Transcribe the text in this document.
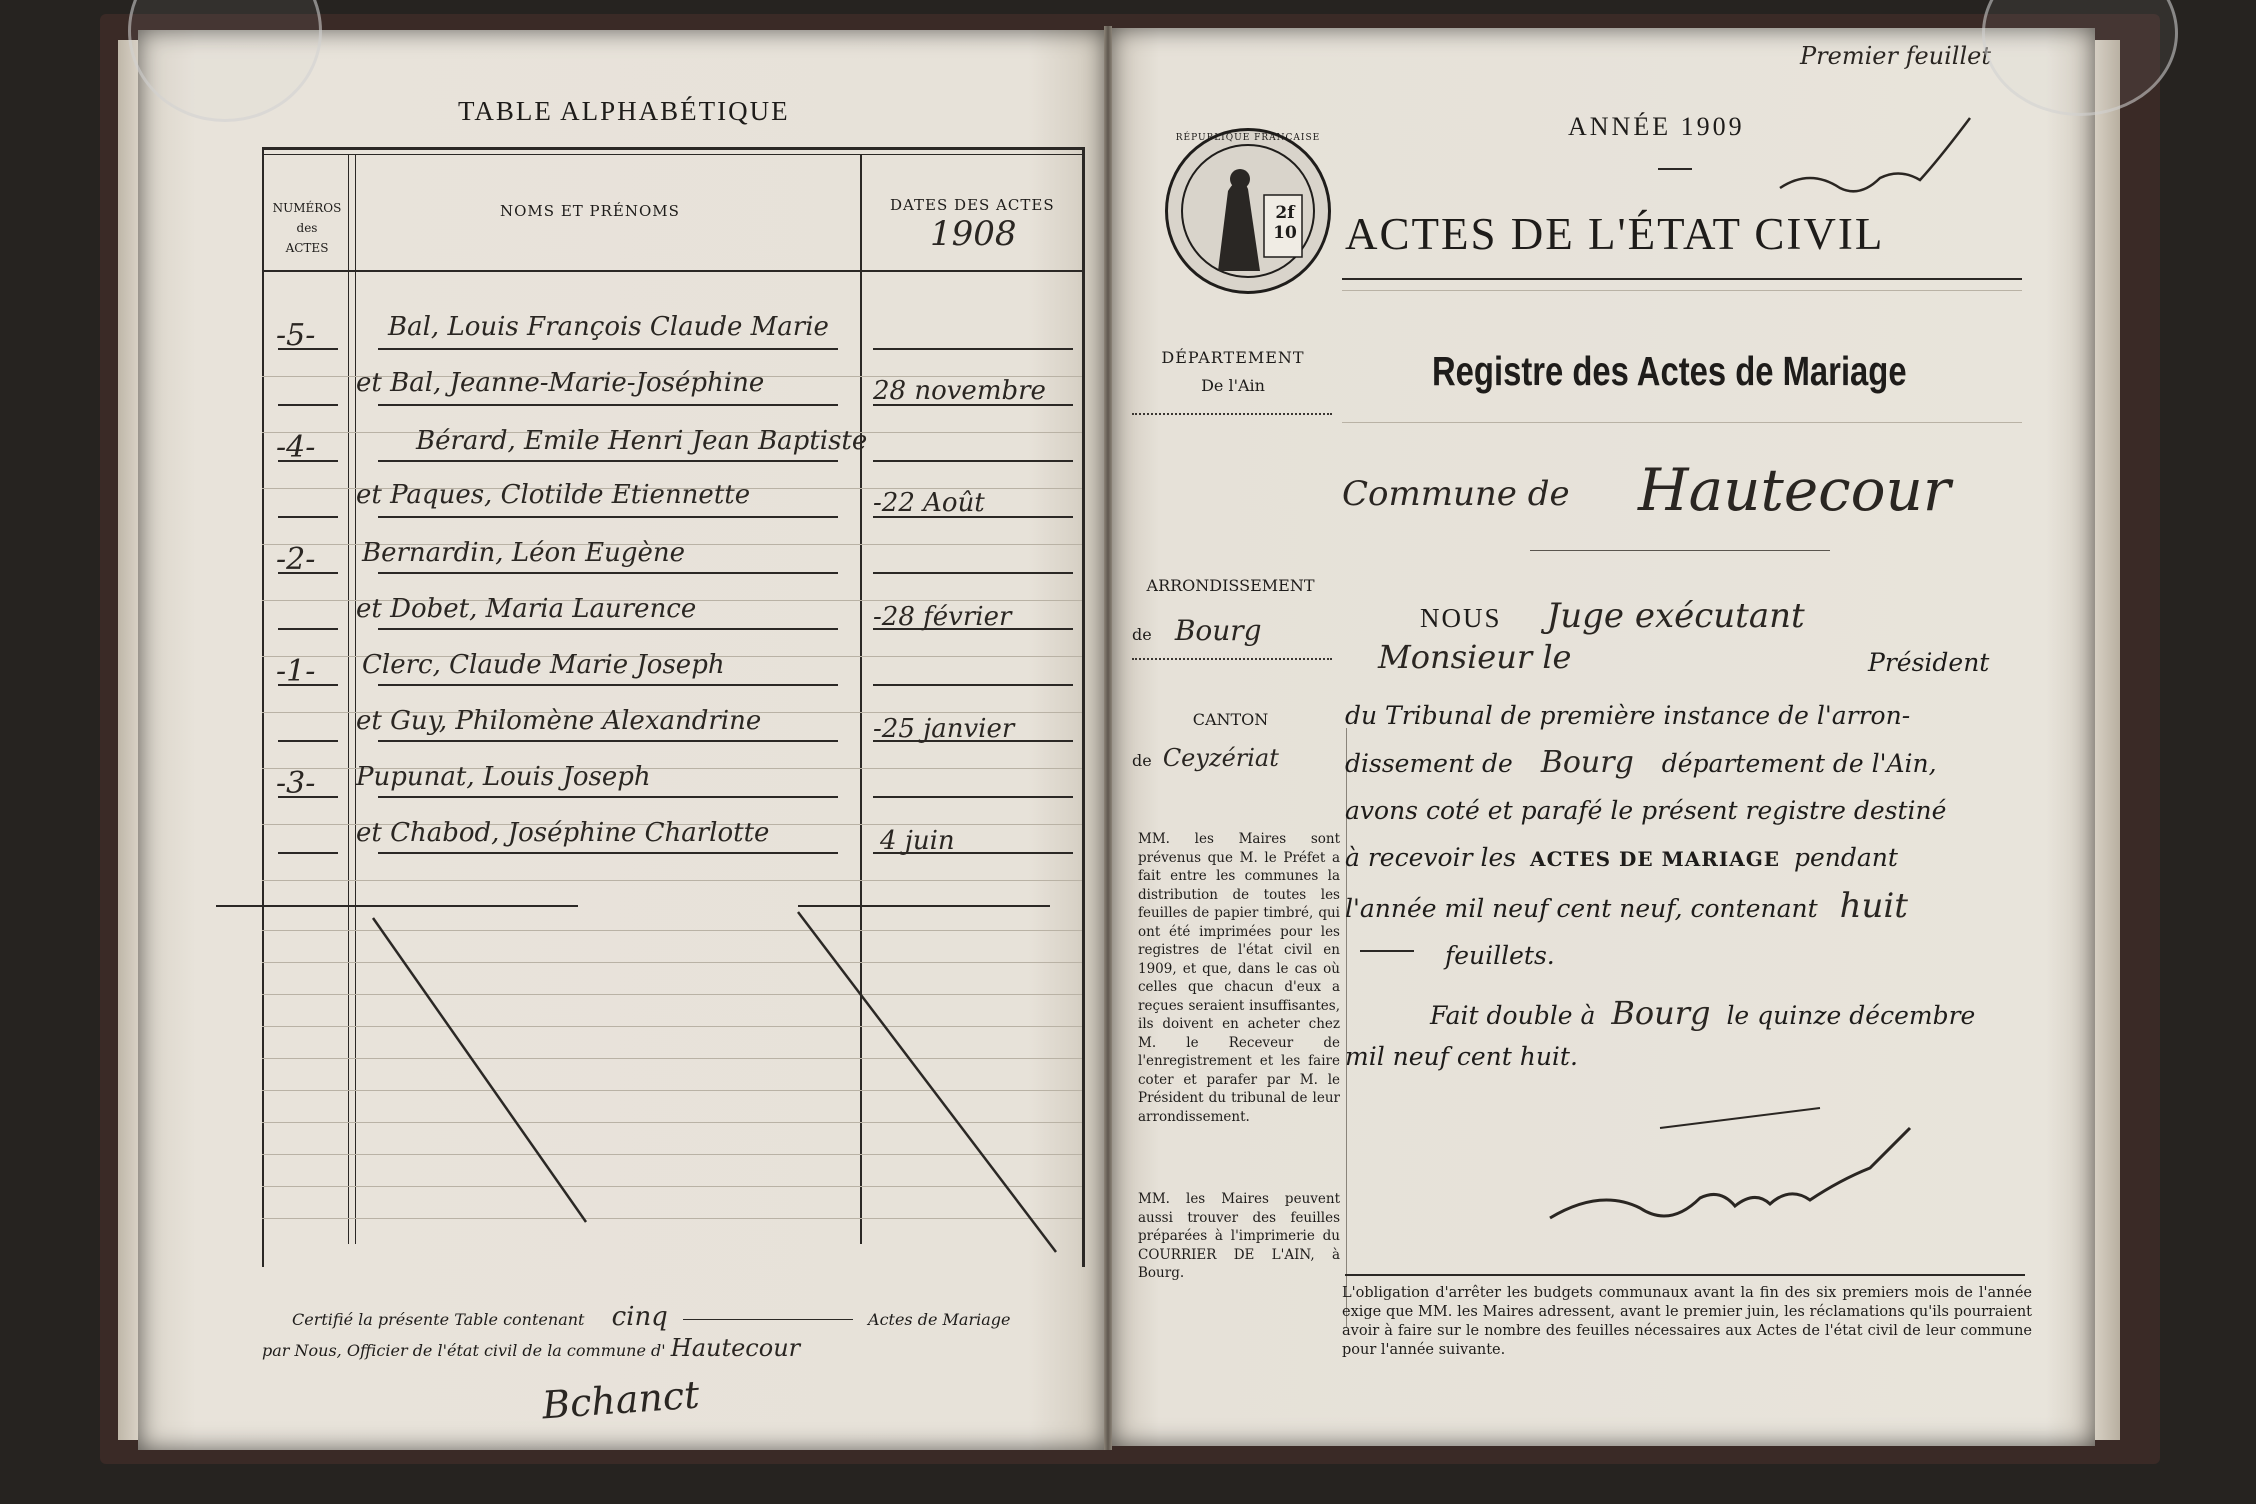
TABLE ALPHABÉTIQUE
NUMÉROS
des
ACTES
NOMS ET PRÉNOMS	DATES DES ACTES
1908
-5-	Bal, Louis François Claude Marie
et Bal, Jeanne-Marie-Joséphine	28 novembre
-4-	Bérard, Emile Henri Jean Baptiste
et Paques, Clotilde Etiennette	-22 Août
-2- Bernardin, Léon Eugène
et Dobet, Maria Laurence	-28 février
-1- Clerc, Claude Marie Joseph
et Guy, Philomène Alexandrine	-25 janvier
-3- Pupunat, Louis Joseph
et Chabod, Joséphine Charlotte	4 juin
Certifié la présente Table contenant cinq	Actes de Mariage
par Nous, Officier de l'état civil de la commune d' Hautecour
Bchanct
Premier feuillet
ANNÉE 1909
2f 10
RÉPUBLIQUE FRANÇAISE
ACTES DE L'ÉTAT CIVIL
DÉPARTEMENT
De l'Ain	Registre des Actes de Mariage
Commune de Hautecour
ARRONDISSEMENT
de Bourg
CANTON
de Ceyzériat
MM. les Maires sont prévenus que M. le Préfet a fait entre les communes la distribution de toutes les feuilles de papier timbré, qui ont été imprimées pour les registres de l'état civil en 1909, et que, dans le cas où celles que chacun d'eux a reçues seraient insuffisantes, ils doivent en acheter chez M. le Receveur de l'enregistrement et les faire coter et parafer par M. le Président du tribunal de leur arrondissement.
MM. les Maires peuvent aussi trouver des feuilles préparées à l'imprimerie du COURRIER DE L'AIN, à Bourg.
NOUS Juge exécutant
Monsieur le	Président
du Tribunal de première instance de l'arron-
dissement de Bourg département de l'Ain,
avons coté et parafé le présent registre destiné
à recevoir les ACTES DE MARIAGE pendant
l'année mil neuf cent neuf, contenant huit
feuillets.
Fait double à Bourg le quinze décembre
mil neuf cent huit.
L'obligation d'arrêter les budgets communaux avant la fin des six premiers mois de l'année exige que MM. les Maires adressent, avant le premier juin, les réclamations qu'ils pourraient avoir à faire sur le nombre des feuilles nécessaires aux Actes de l'état civil de leur commune pour l'année suivante.
